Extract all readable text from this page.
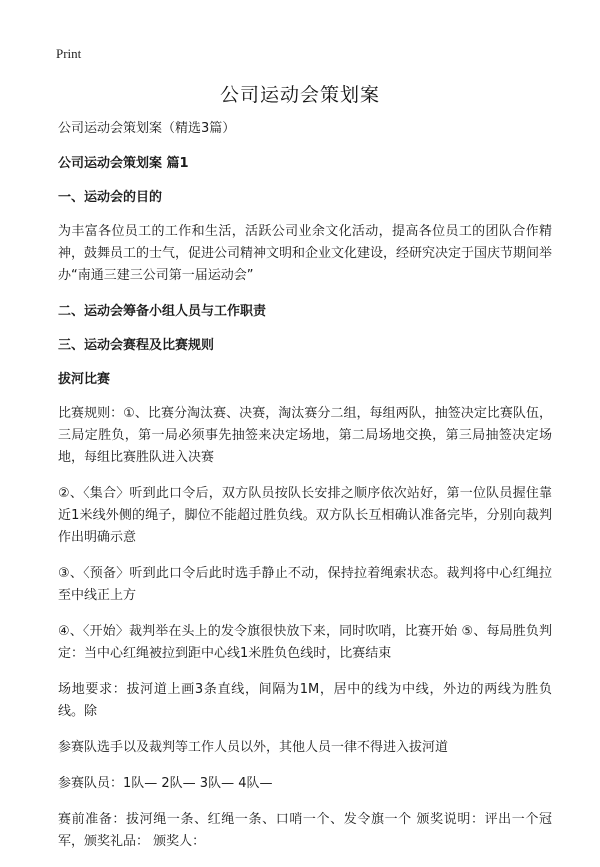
Print
公司运动会策划案

公司运动会策划案（精选3篇）

公司运动会策划案 篇1

一、运动会的目的

为丰富各位员工的工作和生活，活跃公司业余文化活动，提高各位员工的团队合作精神，鼓舞员工的士气，促进公司精神文明和企业文化建设，经研究决定于国庆节期间举办“南通三建三公司第一届运动会”

二、运动会筹备小组人员与工作职责

三、运动会赛程及比赛规则

拔河比赛

比赛规则：①、比赛分淘汰赛、决赛，淘汰赛分二组，每组两队，抽签决定比赛队伍，三局定胜负，第一局必须事先抽签来决定场地，第二局场地交换，第三局抽签决定场地，每组比赛胜队进入决赛

②、〈集合〉听到此口令后，双方队员按队长安排之顺序依次站好，第一位队员握住靠近1米线外侧的绳子，脚位不能超过胜负线。双方队长互相确认准备完毕，分别向裁判作出明确示意

③、〈预备〉听到此口令后此时选手静止不动，保持拉着绳索状态。裁判将中心红绳拉至中线正上方

④、〈开始〉裁判举在头上的发令旗很快放下来，同时吹哨，比赛开始 ⑤、每局胜负判定：当中心红绳被拉到距中心线1米胜负色线时，比赛结束

场地要求：拔河道上画3条直线，间隔为1M，居中的线为中线，外边的两线为胜负线。除

参赛队选手以及裁判等工作人员以外，其他人员一律不得进入拔河道

参赛队员：1队— 2队— 3队— 4队—

赛前准备：拔河绳一条、红绳一条、口哨一个、发令旗一个 颁奖说明：评出一个冠军，颁奖礼品： 颁奖人：
